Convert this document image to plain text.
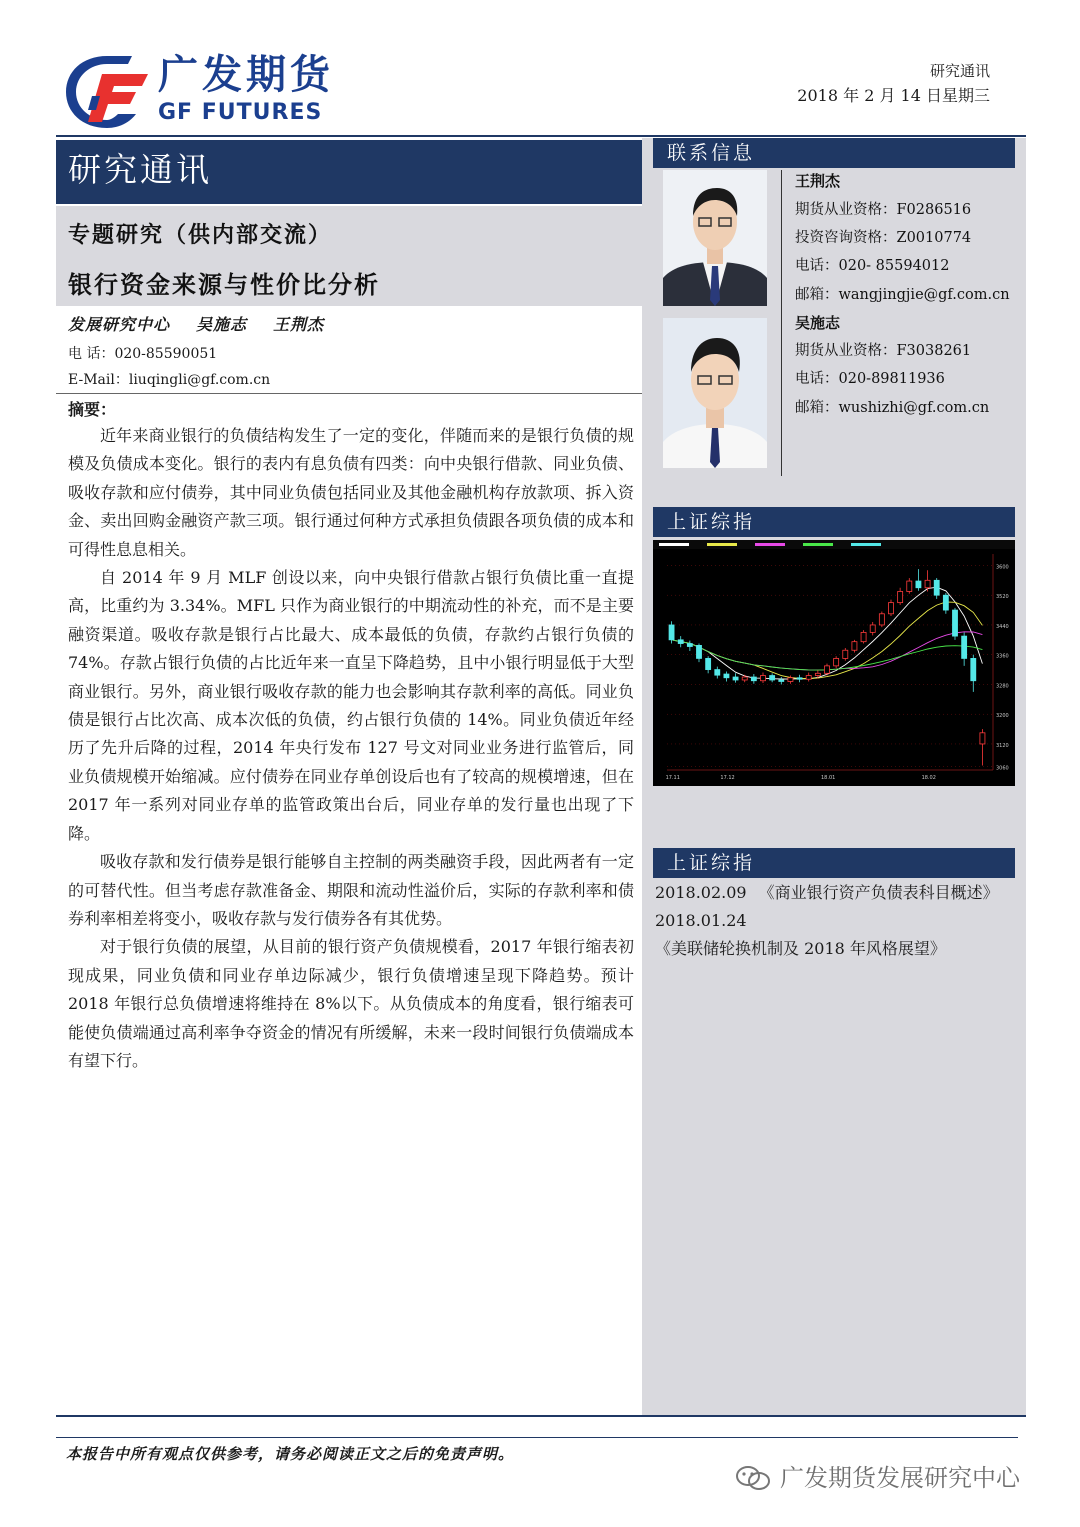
广发期货
GF FUTURES
研究通讯
2018 年 2 月 14 日星期三
研究通讯
专题研究（供内部交流）
银行资金来源与性价比分析
发展研究中心 吴施志 王荆杰
电 话：020-85590051
E-Mail：liuqingli@gf.com.cn
摘要：

近年来商业银行的负债结构发生了一定的变化，伴随而来的是银行负债的规模及负债成本变化。银行的表内有息负债有四类：向中央银行借款、同业负债、吸收存款和应付债券，其中同业负债包括同业及其他金融机构存放款项、拆入资金、卖出回购金融资产款三项。银行通过何种方式承担负债跟各项负债的成本和可得性息息相关。

自 2014 年 9 月 MLF 创设以来，向中央银行借款占银行负债比重一直提高，比重约为 3.34%。MFL 只作为商业银行的中期流动性的补充，而不是主要融资渠道。吸收存款是银行占比最大、成本最低的负债，存款约占银行负债的 74%。存款占银行负债的占比近年来一直呈下降趋势，且中小银行明显低于大型商业银行。另外，商业银行吸收存款的能力也会影响其存款利率的高低。同业负债是银行占比次高、成本次低的负债，约占银行负债的 14%。同业负债近年经历了先升后降的过程，2014 年央行发布 127 号文对同业业务进行监管后，同业负债规模开始缩减。应付债券在同业存单创设后也有了较高的规模增速，但在 2017 年一系列对同业存单的监管政策出台后，同业存单的发行量也出现了下降。

吸收存款和发行债券是银行能够自主控制的两类融资手段，因此两者有一定的可替代性。但当考虑存款准备金、期限和流动性溢价后，实际的存款利率和债券利率相差将变小，吸收存款与发行债券各有其优势。

对于银行负债的展望，从目前的银行资产负债规模看，2017 年银行缩表初现成果，同业负债和同业存单边际减少，银行负债增速呈现下降趋势。预计 2018 年银行总负债增速将维持在 8%以下。从负债成本的角度看，银行缩表可能使负债端通过高利率争夺资金的情况有所缓解，未来一段时间银行负债端成本有望下行。

联系信息
王荆杰
期货从业资格：F0286516
投资咨询资格：Z0010774
电话：020- 85594012
邮箱：wangjingjie@gf.com.cn
吴施志
期货从业资格：F3038261
电话：020-89811936
邮箱：wushizhi@gf.com.cn
上证综指
3600
3520
3440
3360
3280
3200
3120
3060
17.11	17.12	18.01	18.02
上证综指
2018.02.09 《商业银行资产负债表科目概述》
2018.01.24
《美联储轮换机制及 2018 年风格展望》
本报告中所有观点仅供参考，请务必阅读正文之后的免责声明。
广发期货发展研究中心
